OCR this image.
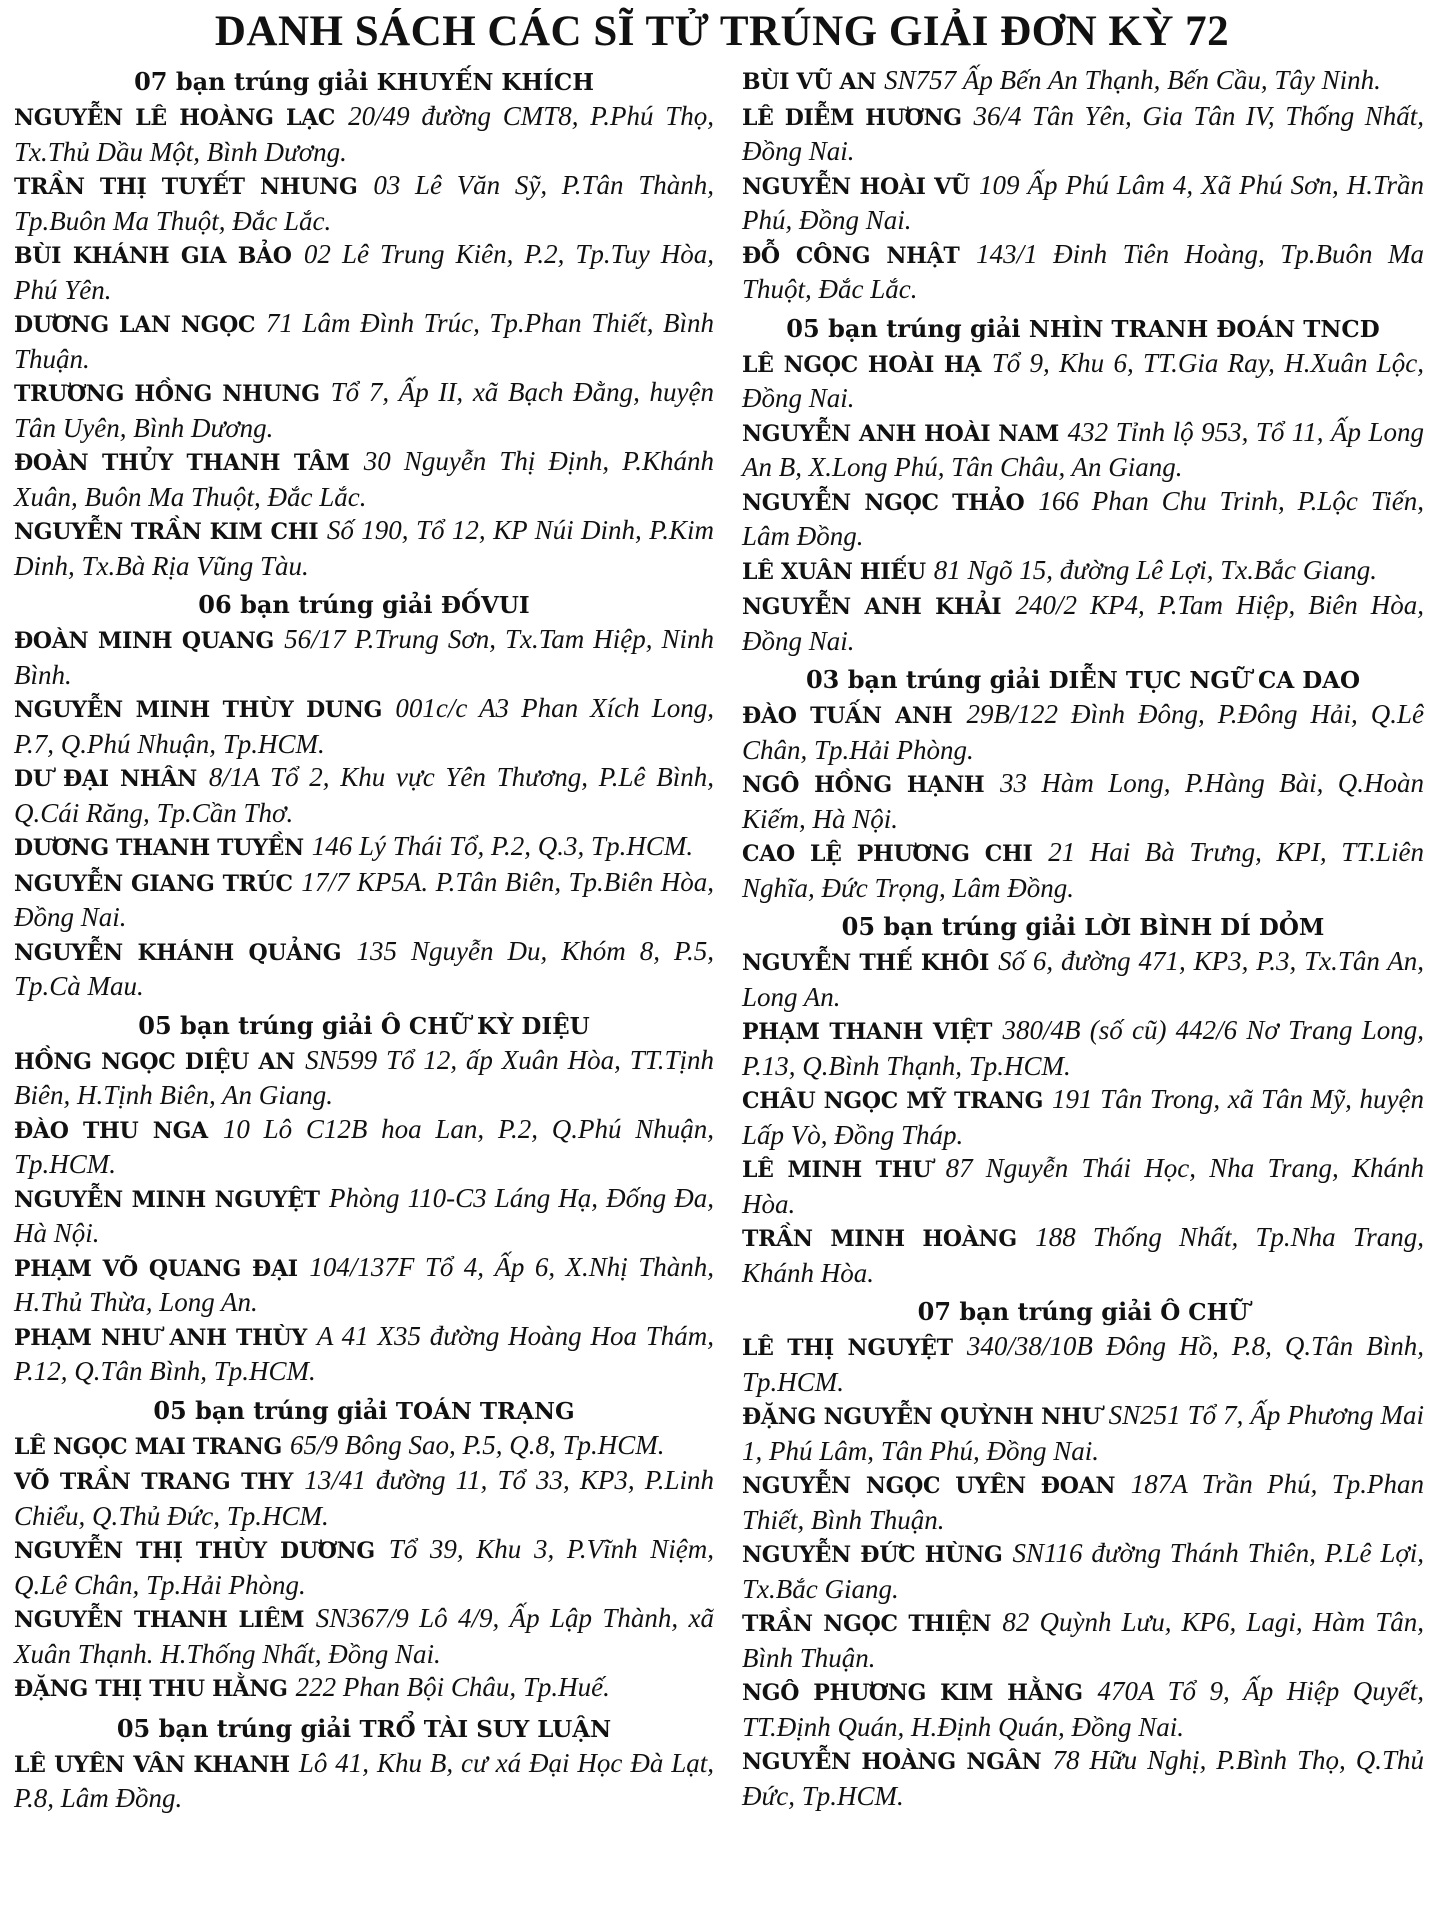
DANH SÁCH CÁC SĨ TỬ TRÚNG GIẢI ĐƠN KỲ 72
07 bạn trúng giải KHUYẾN KHÍCH

NGUYỄN LÊ HOÀNG LẠC 20/49 đường CMT8, P.Phú Thọ, Tx.Thủ Dầu Một, Bình Dương.

TRẦN THỊ TUYẾT NHUNG 03 Lê Văn Sỹ, P.Tân Thành, Tp.Buôn Ma Thuột, Đắc Lắc.

BÙI KHÁNH GIA BẢO 02 Lê Trung Kiên, P.2, Tp.Tuy Hòa, Phú Yên.

DƯƠNG LAN NGỌC 71 Lâm Đình Trúc, Tp.Phan Thiết, Bình Thuận.

TRƯƠNG HỒNG NHUNG Tổ 7, Ấp II, xã Bạch Đằng, huyện Tân Uyên, Bình Dương.

ĐOÀN THỦY THANH TÂM 30 Nguyễn Thị Định, P.Khánh Xuân, Buôn Ma Thuột, Đắc Lắc.

NGUYỄN TRẦN KIM CHI Số 190, Tổ 12, KP Núi Dinh, P.Kim Dinh, Tx.Bà Rịa Vũng Tàu.

06 bạn trúng giải ĐỐVUI

ĐOÀN MINH QUANG 56/17 P.Trung Sơn, Tx.Tam Hiệp, Ninh Bình.

NGUYỄN MINH THÙY DUNG 001c/c A3 Phan Xích Long, P.7, Q.Phú Nhuận, Tp.HCM.

DƯ ĐẠI NHÂN 8/1A Tổ 2, Khu vực Yên Thương, P.Lê Bình, Q.Cái Răng, Tp.Cần Thơ.

DƯƠNG THANH TUYỀN 146 Lý Thái Tổ, P.2, Q.3, Tp.HCM.

NGUYỄN GIANG TRÚC 17/7 KP5A. P.Tân Biên, Tp.Biên Hòa, Đồng Nai.

NGUYỄN KHÁNH QUẢNG 135 Nguyễn Du, Khóm 8, P.5, Tp.Cà Mau.

05 bạn trúng giải Ô CHỮ KỲ DIỆU

HỒNG NGỌC DIỆU AN SN599 Tổ 12, ấp Xuân Hòa, TT.Tịnh Biên, H.Tịnh Biên, An Giang.

ĐÀO THU NGA 10 Lô C12B hoa Lan, P.2, Q.Phú Nhuận, Tp.HCM.

NGUYỄN MINH NGUYỆT Phòng 110-C3 Láng Hạ, Đống Đa, Hà Nội.

PHẠM VÕ QUANG ĐẠI 104/137F Tổ 4, Ấp 6, X.Nhị Thành, H.Thủ Thừa, Long An.

PHẠM NHƯ ANH THÙY A 41 X35 đường Hoàng Hoa Thám, P.12, Q.Tân Bình, Tp.HCM.

05 bạn trúng giải TOÁN TRẠNG

LÊ NGỌC MAI TRANG 65/9 Bông Sao, P.5, Q.8, Tp.HCM.

VÕ TRẦN TRANG THY 13/41 đường 11, Tổ 33, KP3, P.Linh Chiểu, Q.Thủ Đức, Tp.HCM.

NGUYỄN THỊ THÙY DƯƠNG Tổ 39, Khu 3, P.Vĩnh Niệm, Q.Lê Chân, Tp.Hải Phòng.

NGUYỄN THANH LIÊM SN367/9 Lô 4/9, Ấp Lập Thành, xã Xuân Thạnh. H.Thống Nhất, Đồng Nai.

ĐẶNG THỊ THU HẰNG 222 Phan Bội Châu, Tp.Huế.

05 bạn trúng giải TRỔ TÀI SUY LUẬN

LÊ UYÊN VÂN KHANH Lô 41, Khu B, cư xá Đại Học Đà Lạt, P.8, Lâm Đồng.

BÙI VŨ AN SN757 Ấp Bến An Thạnh, Bến Cầu, Tây Ninh.

LÊ DIỄM HƯƠNG 36/4 Tân Yên, Gia Tân IV, Thống Nhất, Đồng Nai.

NGUYỄN HOÀI VŨ 109 Ấp Phú Lâm 4, Xã Phú Sơn, H.Trần Phú, Đồng Nai.

ĐỖ CÔNG NHẬT 143/1 Đinh Tiên Hoàng, Tp.Buôn Ma Thuột, Đắc Lắc.

05 bạn trúng giải NHÌN TRANH ĐOÁN TNCD

LÊ NGỌC HOÀI HẠ Tổ 9, Khu 6, TT.Gia Ray, H.Xuân Lộc, Đồng Nai.

NGUYỄN ANH HOÀI NAM 432 Tỉnh lộ 953, Tổ 11, Ấp Long An B, X.Long Phú, Tân Châu, An Giang.

NGUYỄN NGỌC THẢO 166 Phan Chu Trinh, P.Lộc Tiến, Lâm Đồng.

LÊ XUÂN HIẾU 81 Ngõ 15, đường Lê Lợi, Tx.Bắc Giang.

NGUYỄN ANH KHẢI 240/2 KP4, P.Tam Hiệp, Biên Hòa, Đồng Nai.

03 bạn trúng giải DIỄN TỤC NGỮ CA DAO

ĐÀO TUẤN ANH 29B/122 Đình Đông, P.Đông Hải, Q.Lê Chân, Tp.Hải Phòng.

NGÔ HỒNG HẠNH 33 Hàm Long, P.Hàng Bài, Q.Hoàn Kiếm, Hà Nội.

CAO LỆ PHƯƠNG CHI 21 Hai Bà Trưng, KPI, TT.Liên Nghĩa, Đức Trọng, Lâm Đồng.

05 bạn trúng giải LỜI BÌNH DÍ DỎM

NGUYỄN THẾ KHÔI Số 6, đường 471, KP3, P.3, Tx.Tân An, Long An.

PHẠM THANH VIỆT 380/4B (số cũ) 442/6 Nơ Trang Long, P.13, Q.Bình Thạnh, Tp.HCM.

CHÂU NGỌC MỸ TRANG 191 Tân Trong, xã Tân Mỹ, huyện Lấp Vò, Đồng Tháp.

LÊ MINH THƯ 87 Nguyễn Thái Học, Nha Trang, Khánh Hòa.

TRẦN MINH HOÀNG 188 Thống Nhất, Tp.Nha Trang, Khánh Hòa.

07 bạn trúng giải Ô CHỮ

LÊ THỊ NGUYỆT 340/38/10B Đông Hồ, P.8, Q.Tân Bình, Tp.HCM.

ĐẶNG NGUYỄN QUỲNH NHƯ SN251 Tổ 7, Ấp Phương Mai 1, Phú Lâm, Tân Phú, Đồng Nai.

NGUYỄN NGỌC UYÊN ĐOAN 187A Trần Phú, Tp.Phan Thiết, Bình Thuận.

NGUYỄN ĐỨC HÙNG SN116 đường Thánh Thiên, P.Lê Lợi, Tx.Bắc Giang.

TRẦN NGỌC THIỆN 82 Quỳnh Lưu, KP6, Lagi, Hàm Tân, Bình Thuận.

NGÔ PHƯƠNG KIM HẰNG 470A Tổ 9, Ấp Hiệp Quyết, TT.Định Quán, H.Định Quán, Đồng Nai.

NGUYỄN HOÀNG NGÂN 78 Hữu Nghị, P.Bình Thọ, Q.Thủ Đức, Tp.HCM.
